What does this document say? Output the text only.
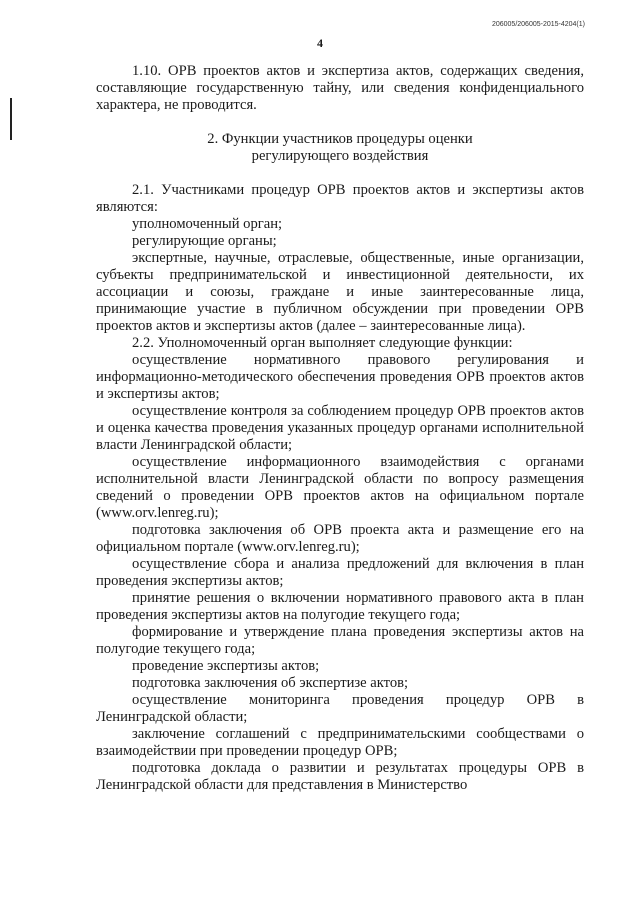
206005/206005-2015-4204(1)
4

1.10. ОРВ проектов актов и экспертиза актов, содержащих сведения, составляющие государственную тайну, или сведения конфиденциального характера, не проводится.

2. Функции участников процедуры оценки
регулирующего воздействия

2.1. Участниками процедур ОРВ проектов актов и экспертизы актов являются:

уполномоченный орган;

регулирующие органы;

экспертные, научные, отраслевые, общественные, иные организации, субъекты предпринимательской и инвестиционной деятельности, их ассоциации и союзы, граждане и иные заинтересованные лица, принимающие участие в публичном обсуждении при проведении ОРВ проектов актов и экспертизы актов (далее – заинтересованные лица).

2.2. Уполномоченный орган выполняет следующие функции:

осуществление нормативного правового регулирования и информационно-методического обеспечения проведения ОРВ проектов актов и экспертизы актов;

осуществление контроля за соблюдением процедур ОРВ проектов актов и оценка качества проведения указанных процедур органами исполнительной власти Ленинградской области;

осуществление информационного взаимодействия с органами исполнительной власти Ленинградской области по вопросу размещения сведений о проведении ОРВ проектов актов на официальном портале (www.orv.lenreg.ru);

подготовка заключения об ОРВ проекта акта и размещение его на официальном портале (www.orv.lenreg.ru);

осуществление сбора и анализа предложений для включения в план проведения экспертизы актов;

принятие решения о включении нормативного правового акта в план проведения экспертизы актов на полугодие текущего года;

формирование и утверждение плана проведения экспертизы актов на полугодие текущего года;

проведение экспертизы актов;

подготовка заключения об экспертизе актов;

осуществление мониторинга проведения процедур ОРВ в Ленинградской области;

заключение соглашений с предпринимательскими сообществами о взаимодействии при проведении процедур ОРВ;

подготовка доклада о развитии и результатах процедуры ОРВ в Ленинградской области для представления в Министерство
